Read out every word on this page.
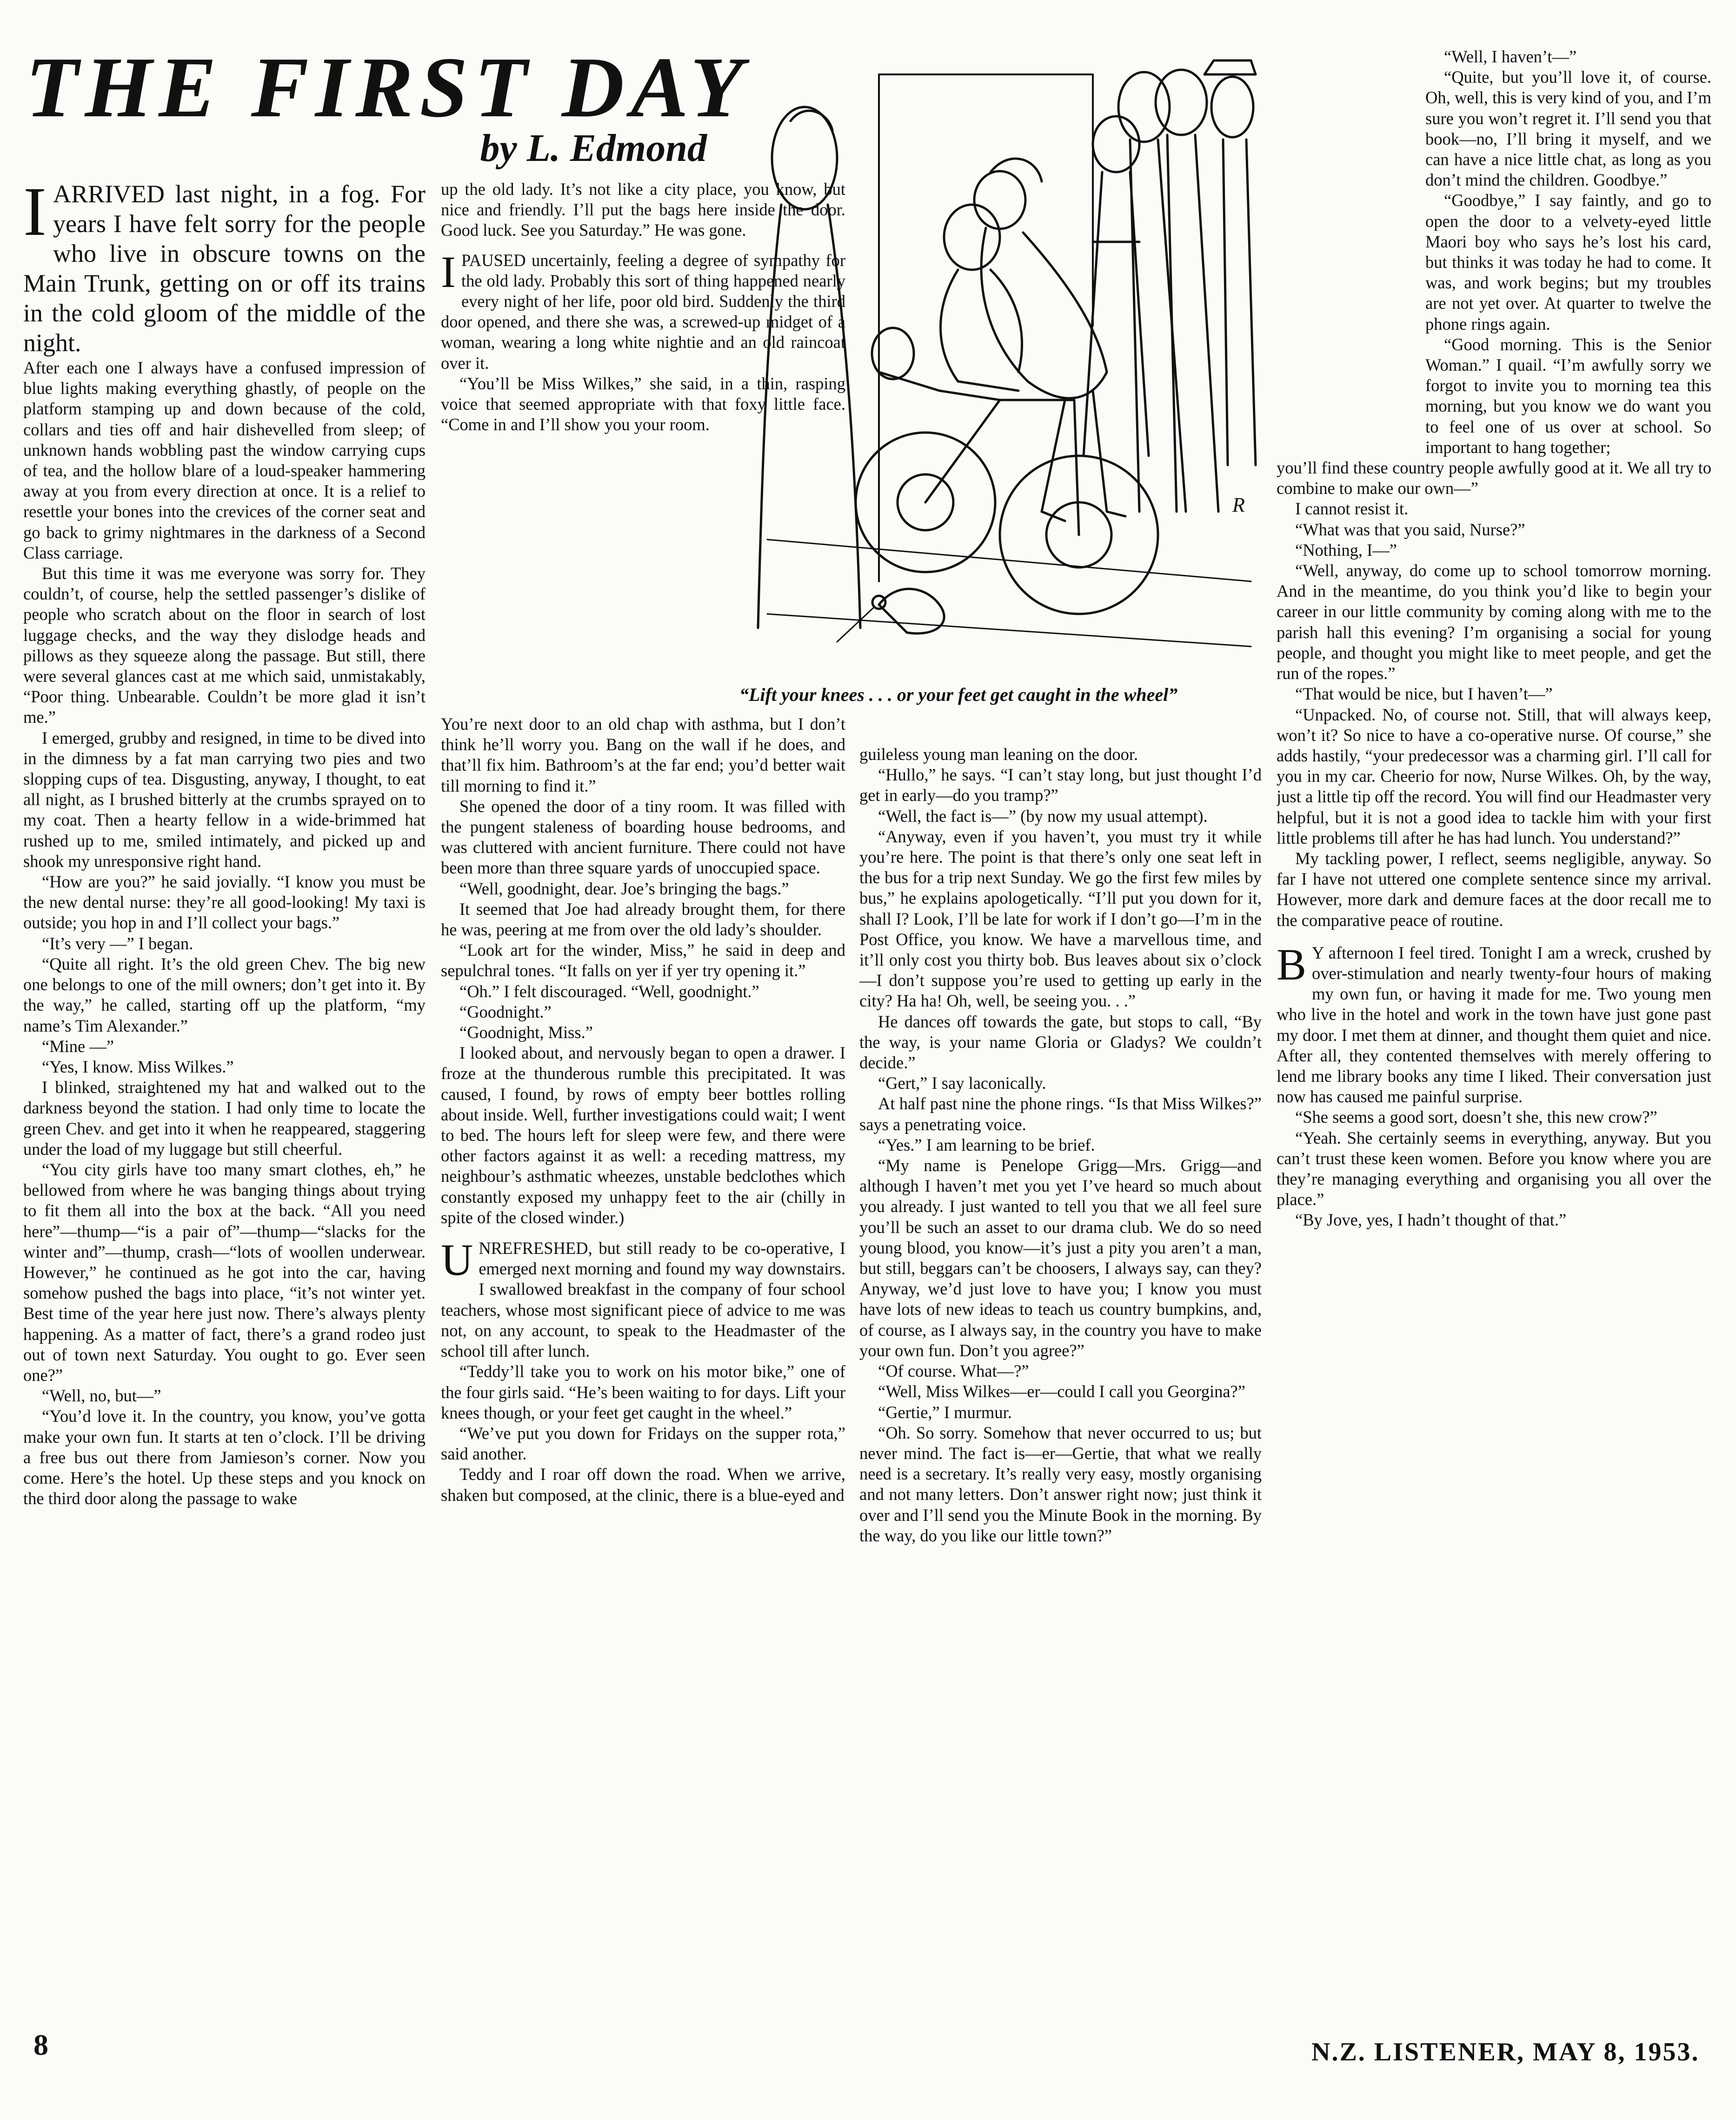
THE FIRST DAY
by L. Edmond

IARRIVED last night, in a fog. For years I have felt sorry for the people who live in obscure towns on the Main Trunk, getting on or off its trains in the cold gloom of the middle of the night.

After each one I always have a confused impression of blue lights making everything ghastly, of people on the platform stamping up and down because of the cold, collars and ties off and hair dishevelled from sleep; of unknown hands wobbling past the window carrying cups of tea, and the hollow blare of a loud-speaker hammering away at you from every direction at once. It is a relief to resettle your bones into the crevices of the corner seat and go back to grimy nightmares in the darkness of a Second Class carriage.

But this time it was me everyone was sorry for. They couldn’t, of course, help the settled passenger’s dislike of people who scratch about on the floor in search of lost luggage checks, and the way they dislodge heads and pillows as they squeeze along the passage. But still, there were several glances cast at me which said, unmistakably, “Poor thing. Unbearable. Couldn’t be more glad it isn’t me.”

I emerged, grubby and resigned, in time to be dived into in the dimness by a fat man carrying two pies and two slopping cups of tea. Disgusting, anyway, I thought, to eat all night, as I brushed bitterly at the crumbs sprayed on to my coat. Then a hearty fellow in a wide-brimmed hat rushed up to me, smiled intimately, and picked up and shook my unresponsive right hand.

“How are you?” he said jovially. “I know you must be the new dental nurse: they’re all good-looking! My taxi is outside; you hop in and I’ll collect your bags.”

“It’s very —” I began.

“Quite all right. It’s the old green Chev. The big new one belongs to one of the mill owners; don’t get into it. By the way,” he called, starting off up the platform, “my name’s Tim Alexander.”

“Mine —”

“Yes, I know. Miss Wilkes.”

I blinked, straightened my hat and walked out to the darkness beyond the station. I had only time to locate the green Chev. and get into it when he reappeared, staggering under the load of my luggage but still cheerful.

“You city girls have too many smart clothes, eh,” he bellowed from where he was banging things about trying to fit them all into the box at the back. “All you need here”—thump—“is a pair of”—thump—“slacks for the winter and”—thump, crash—“lots of woollen underwear. However,” he continued as he got into the car, having somehow pushed the bags into place, “it’s not winter yet. Best time of the year here just now. There’s always plenty happening. As a matter of fact, there’s a grand rodeo just out of town next Saturday. You ought to go. Ever seen one?”

“Well, no, but—”

“You’d love it. In the country, you know, you’ve gotta make your own fun. It starts at ten o’clock. I’ll be driving a free bus out there from Jamieson’s corner. Now you come. Here’s the hotel. Up these steps and you knock on the third door along the passage to wake

up the old lady. It’s not like a city place, you know, but nice and friendly. I’ll put the bags here inside the door. Good luck. See you Saturday.” He was gone.

IPAUSED uncertainly, feeling a degree of sympathy for the old lady. Probably this sort of thing happened nearly every night of her life, poor old bird. Suddenly the third door opened, and there she was, a screwed-up midget of a woman, wearing a long white nightie and an old raincoat over it.

“You’ll be Miss Wilkes,” she said, in a thin, rasping voice that seemed appropriate with that foxy little face. “Come in and I’ll show you your room.

You’re next door to an old chap with asthma, but I don’t think he’ll worry you. Bang on the wall if he does, and that’ll fix him. Bathroom’s at the far end; you’d better wait till morning to find it.”

She opened the door of a tiny room. It was filled with the pungent staleness of boarding house bedrooms, and was cluttered with ancient furniture. There could not have been more than three square yards of unoccupied space.

“Well, goodnight, dear. Joe’s bringing the bags.”

It seemed that Joe had already brought them, for there he was, peering at me from over the old lady’s shoulder.

“Look art for the winder, Miss,” he said in deep and sepulchral tones. “It falls on yer if yer try opening it.”

“Oh.” I felt discouraged. “Well, goodnight.”

“Goodnight.”

“Goodnight, Miss.”

I looked about, and nervously began to open a drawer. I froze at the thunderous rumble this precipitated. It was caused, I found, by rows of empty beer bottles rolling about inside. Well, further investigations could wait; I went to bed. The hours left for sleep were few, and there were other factors against it as well: a receding mattress, my neighbour’s asthmatic wheezes, unstable bedclothes which constantly exposed my unhappy feet to the air (chilly in spite of the closed winder.)

UNREFRESHED, but still ready to be co-operative, I emerged next morning and found my way downstairs. I swallowed breakfast in the company of four school teachers, whose most significant piece of advice to me was not, on any account, to speak to the Headmaster of the school till after lunch.

“Teddy’ll take you to work on his motor bike,” one of the four girls said. “He’s been waiting to for days. Lift your knees though, or your feet get caught in the wheel.”

“We’ve put you down for Fridays on the supper rota,” said another.

Teddy and I roar off down the road. When we arrive, shaken but composed, at the clinic, there is a blue-eyed and

R
“Lift your knees . . . or your feet get caught in the wheel”

guileless young man leaning on the door.

“Hullo,” he says. “I can’t stay long, but just thought I’d get in early—do you tramp?”

“Well, the fact is—” (by now my usual attempt).

“Anyway, even if you haven’t, you must try it while you’re here. The point is that there’s only one seat left in the bus for a trip next Sunday. We go the first few miles by bus,” he explains apologetically. “I’ll put you down for it, shall I? Look, I’ll be late for work if I don’t go—I’m in the Post Office, you know. We have a marvellous time, and it’ll only cost you thirty bob. Bus leaves about six o’clock—I don’t suppose you’re used to getting up early in the city? Ha ha! Oh, well, be seeing you. . .”

He dances off towards the gate, but stops to call, “By the way, is your name Gloria or Gladys? We couldn’t decide.”

“Gert,” I say laconically.

At half past nine the phone rings. “Is that Miss Wilkes?” says a penetrating voice.

“Yes.” I am learning to be brief.

“My name is Penelope Grigg—Mrs. Grigg—and although I haven’t met you yet I’ve heard so much about you already. I just wanted to tell you that we all feel sure you’ll be such an asset to our drama club. We do so need young blood, you know—it’s just a pity you aren’t a man, but still, beggars can’t be choosers, I always say, can they? Anyway, we’d just love to have you; I know you must have lots of new ideas to teach us country bumpkins, and, of course, as I always say, in the country you have to make your own fun. Don’t you agree?”

“Of course. What—?”

“Well, Miss Wilkes—er—could I call you Georgina?”

“Gertie,” I murmur.

“Oh. So sorry. Somehow that never occurred to us; but never mind. The fact is—er—Gertie, that what we really need is a secretary. It’s really very easy, mostly organising and not many letters. Don’t answer right now; just think it over and I’ll send you the Minute Book in the morning. By the way, do you like our little town?”

“Well, I haven’t—”

“Quite, but you’ll love it, of course. Oh, well, this is very kind of you, and I’m sure you won’t regret it. I’ll send you that book—no, I’ll bring it myself, and we can have a nice little chat, as long as you don’t mind the children. Goodbye.”

“Goodbye,” I say faintly, and go to open the door to a velvety-eyed little Maori boy who says he’s lost his card, but thinks it was today he had to come. It was, and work begins; but my troubles are not yet over. At quarter to twelve the phone rings again.

“Good morning. This is the Senior Woman.” I quail. “I’m awfully sorry we forgot to invite you to morning tea this morning, but you know we do want you to feel one of us over at school. So important to hang together;

you’ll find these country people awfully good at it. We all try to combine to make our own—”

I cannot resist it.

“What was that you said, Nurse?”

“Nothing, I—”

“Well, anyway, do come up to school tomorrow morning. And in the meantime, do you think you’d like to begin your career in our little community by coming along with me to the parish hall this evening? I’m organising a social for young people, and thought you might like to meet people, and get the run of the ropes.”

“That would be nice, but I haven’t—”

“Unpacked. No, of course not. Still, that will always keep, won’t it? So nice to have a co-operative nurse. Of course,” she adds hastily, “your predecessor was a charming girl. I’ll call for you in my car. Cheerio for now, Nurse Wilkes. Oh, by the way, just a little tip off the record. You will find our Headmaster very helpful, but it is not a good idea to tackle him with your first little problems till after he has had lunch. You understand?”

My tackling power, I reflect, seems negligible, anyway. So far I have not uttered one complete sentence since my arrival. However, more dark and demure faces at the door recall me to the comparative peace of routine.

B Y afternoon I feel tired. Tonight I am a wreck, crushed by over-stimulation and nearly twenty-four hours of making my own fun, or having it made for me. Two young men who live in the hotel and work in the town have just gone past my door. I met them at dinner, and thought them quiet and nice. After all, they contented themselves with merely offering to lend me library books any time I liked. Their conversation just now has caused me painful surprise.

“She seems a good sort, doesn’t she, this new crow?”

“Yeah. She certainly seems in everything, anyway. But you can’t trust these keen women. Before you know where you are they’re managing everything and organising you all over the place.”

“By Jove, yes, I hadn’t thought of that.”

8	N.Z. LISTENER, MAY 8, 1953.
